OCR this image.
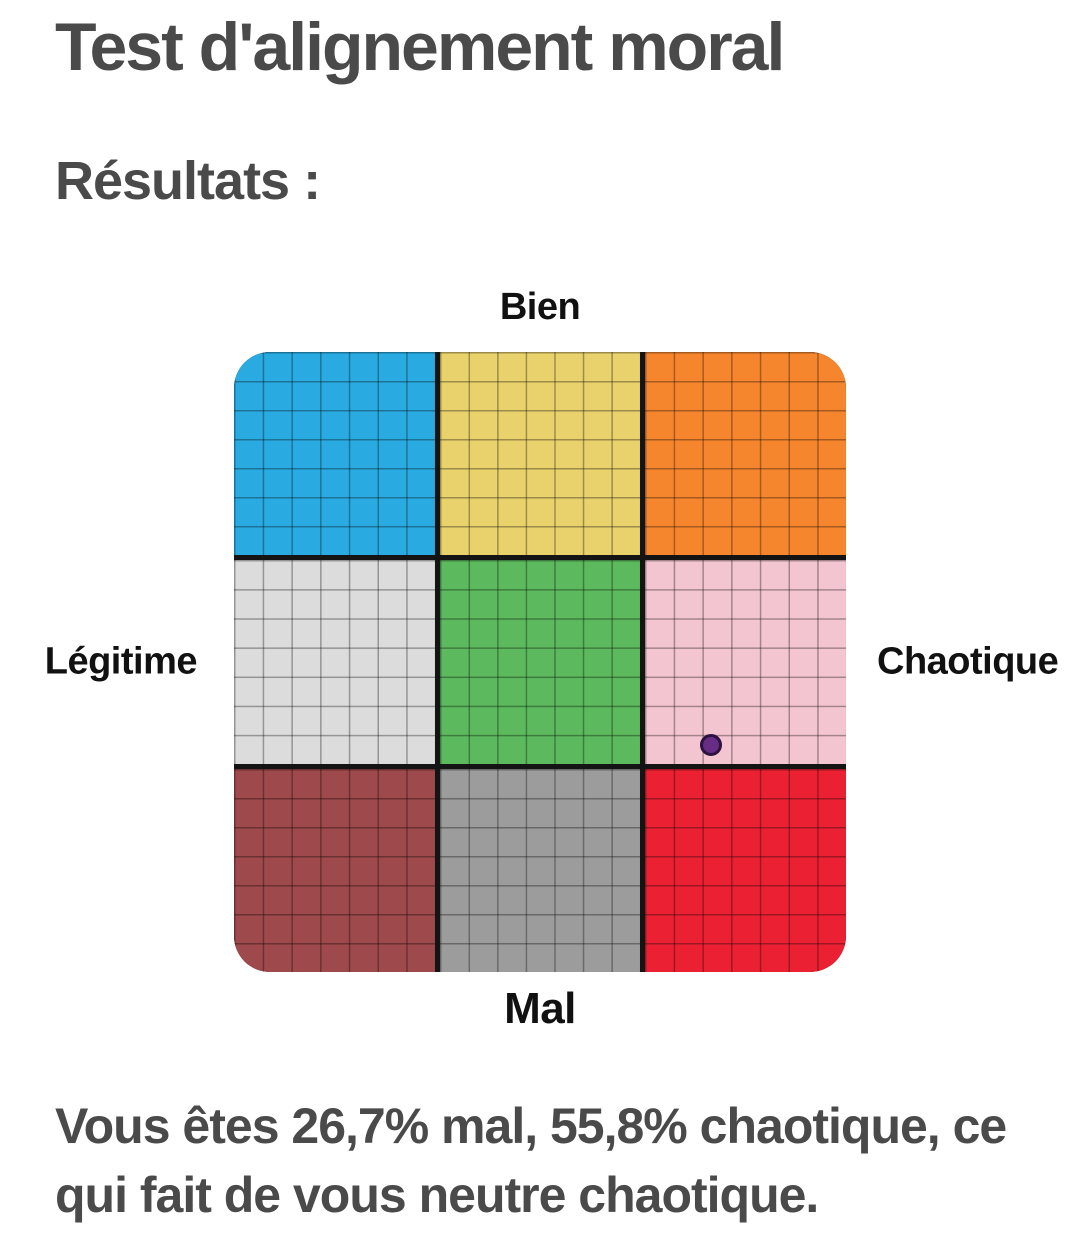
Test d'alignement moral
Résultats :
Bien
Légitime	Chaotique
Mal
Vous êtes 26,7% mal, 55,8% chaotique, ce qui fait de vous neutre chaotique.
